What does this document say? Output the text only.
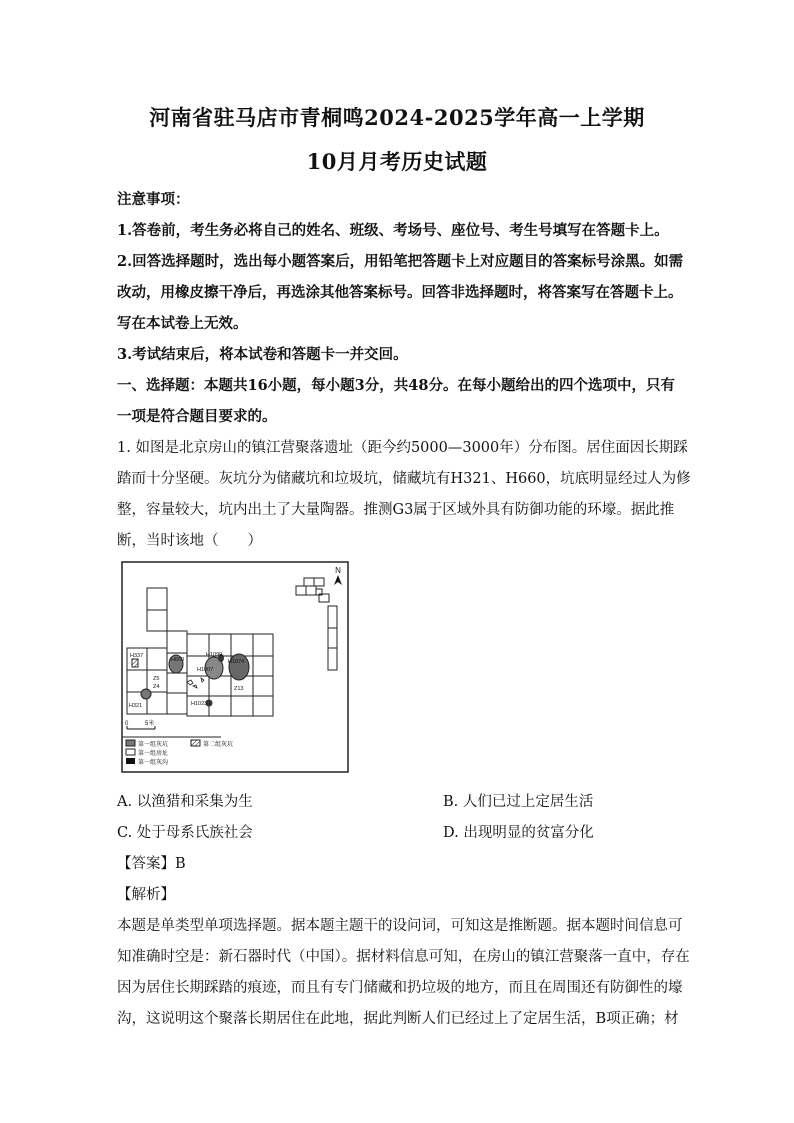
河南省驻马店市青桐鸣2024-2025学年高一上学期
10月月考历史试题
注意事项：
1.答卷前，考生务必将自己的姓名、班级、考场号、座位号、考生号填写在答题卡上。
2.回答选择题时，选出每小题答案后，用铅笔把答题卡上对应题目的答案标号涂黑。如需
改动，用橡皮擦干净后，再选涂其他答案标号。回答非选择题时，将答案写在答题卡上。
写在本试卷上无效。
3.考试结束后，将本试卷和答题卡一并交回。
一、选择题：本题共16小题，每小题3分，共48分。在每小题给出的四个选项中，只有
一项是符合题目要求的。
1. 如图是北京房山的镇江营聚落遗址（距今约5000—3000年）分布图。居住面因长期踩
踏而十分坚硬。灰坑分为储藏坑和垃圾坑，储藏坑有H321、H660，坑底明显经过人为修
整，容量较大，坑内出土了大量陶器。推测G3属于区域外具有防御功能的环壕。据此推
断，当时该地（　　）
N
H337
H660
H1099
H1074
H1007
Z5
Z4	Z13
H321	H1023
0	5米
第一组灰坑	第二组灰坑
第一组房址
第一组灰沟
A. 以渔猎和采集为生	B. 人们已过上定居生活
C. 处于母系氏族社会	D. 出现明显的贫富分化
【答案】B
【解析】
本题是单类型单项选择题。据本题主题干的设问词，可知这是推断题。据本题时间信息可
知准确时空是：新石器时代（中国）。据材料信息可知，在房山的镇江营聚落一直中，存在
因为居住长期踩踏的痕迹，而且有专门储藏和扔垃圾的地方，而且在周围还有防御性的壕
沟，这说明这个聚落长期居住在此地，据此判断人们已经过上了定居生活，B项正确；材
